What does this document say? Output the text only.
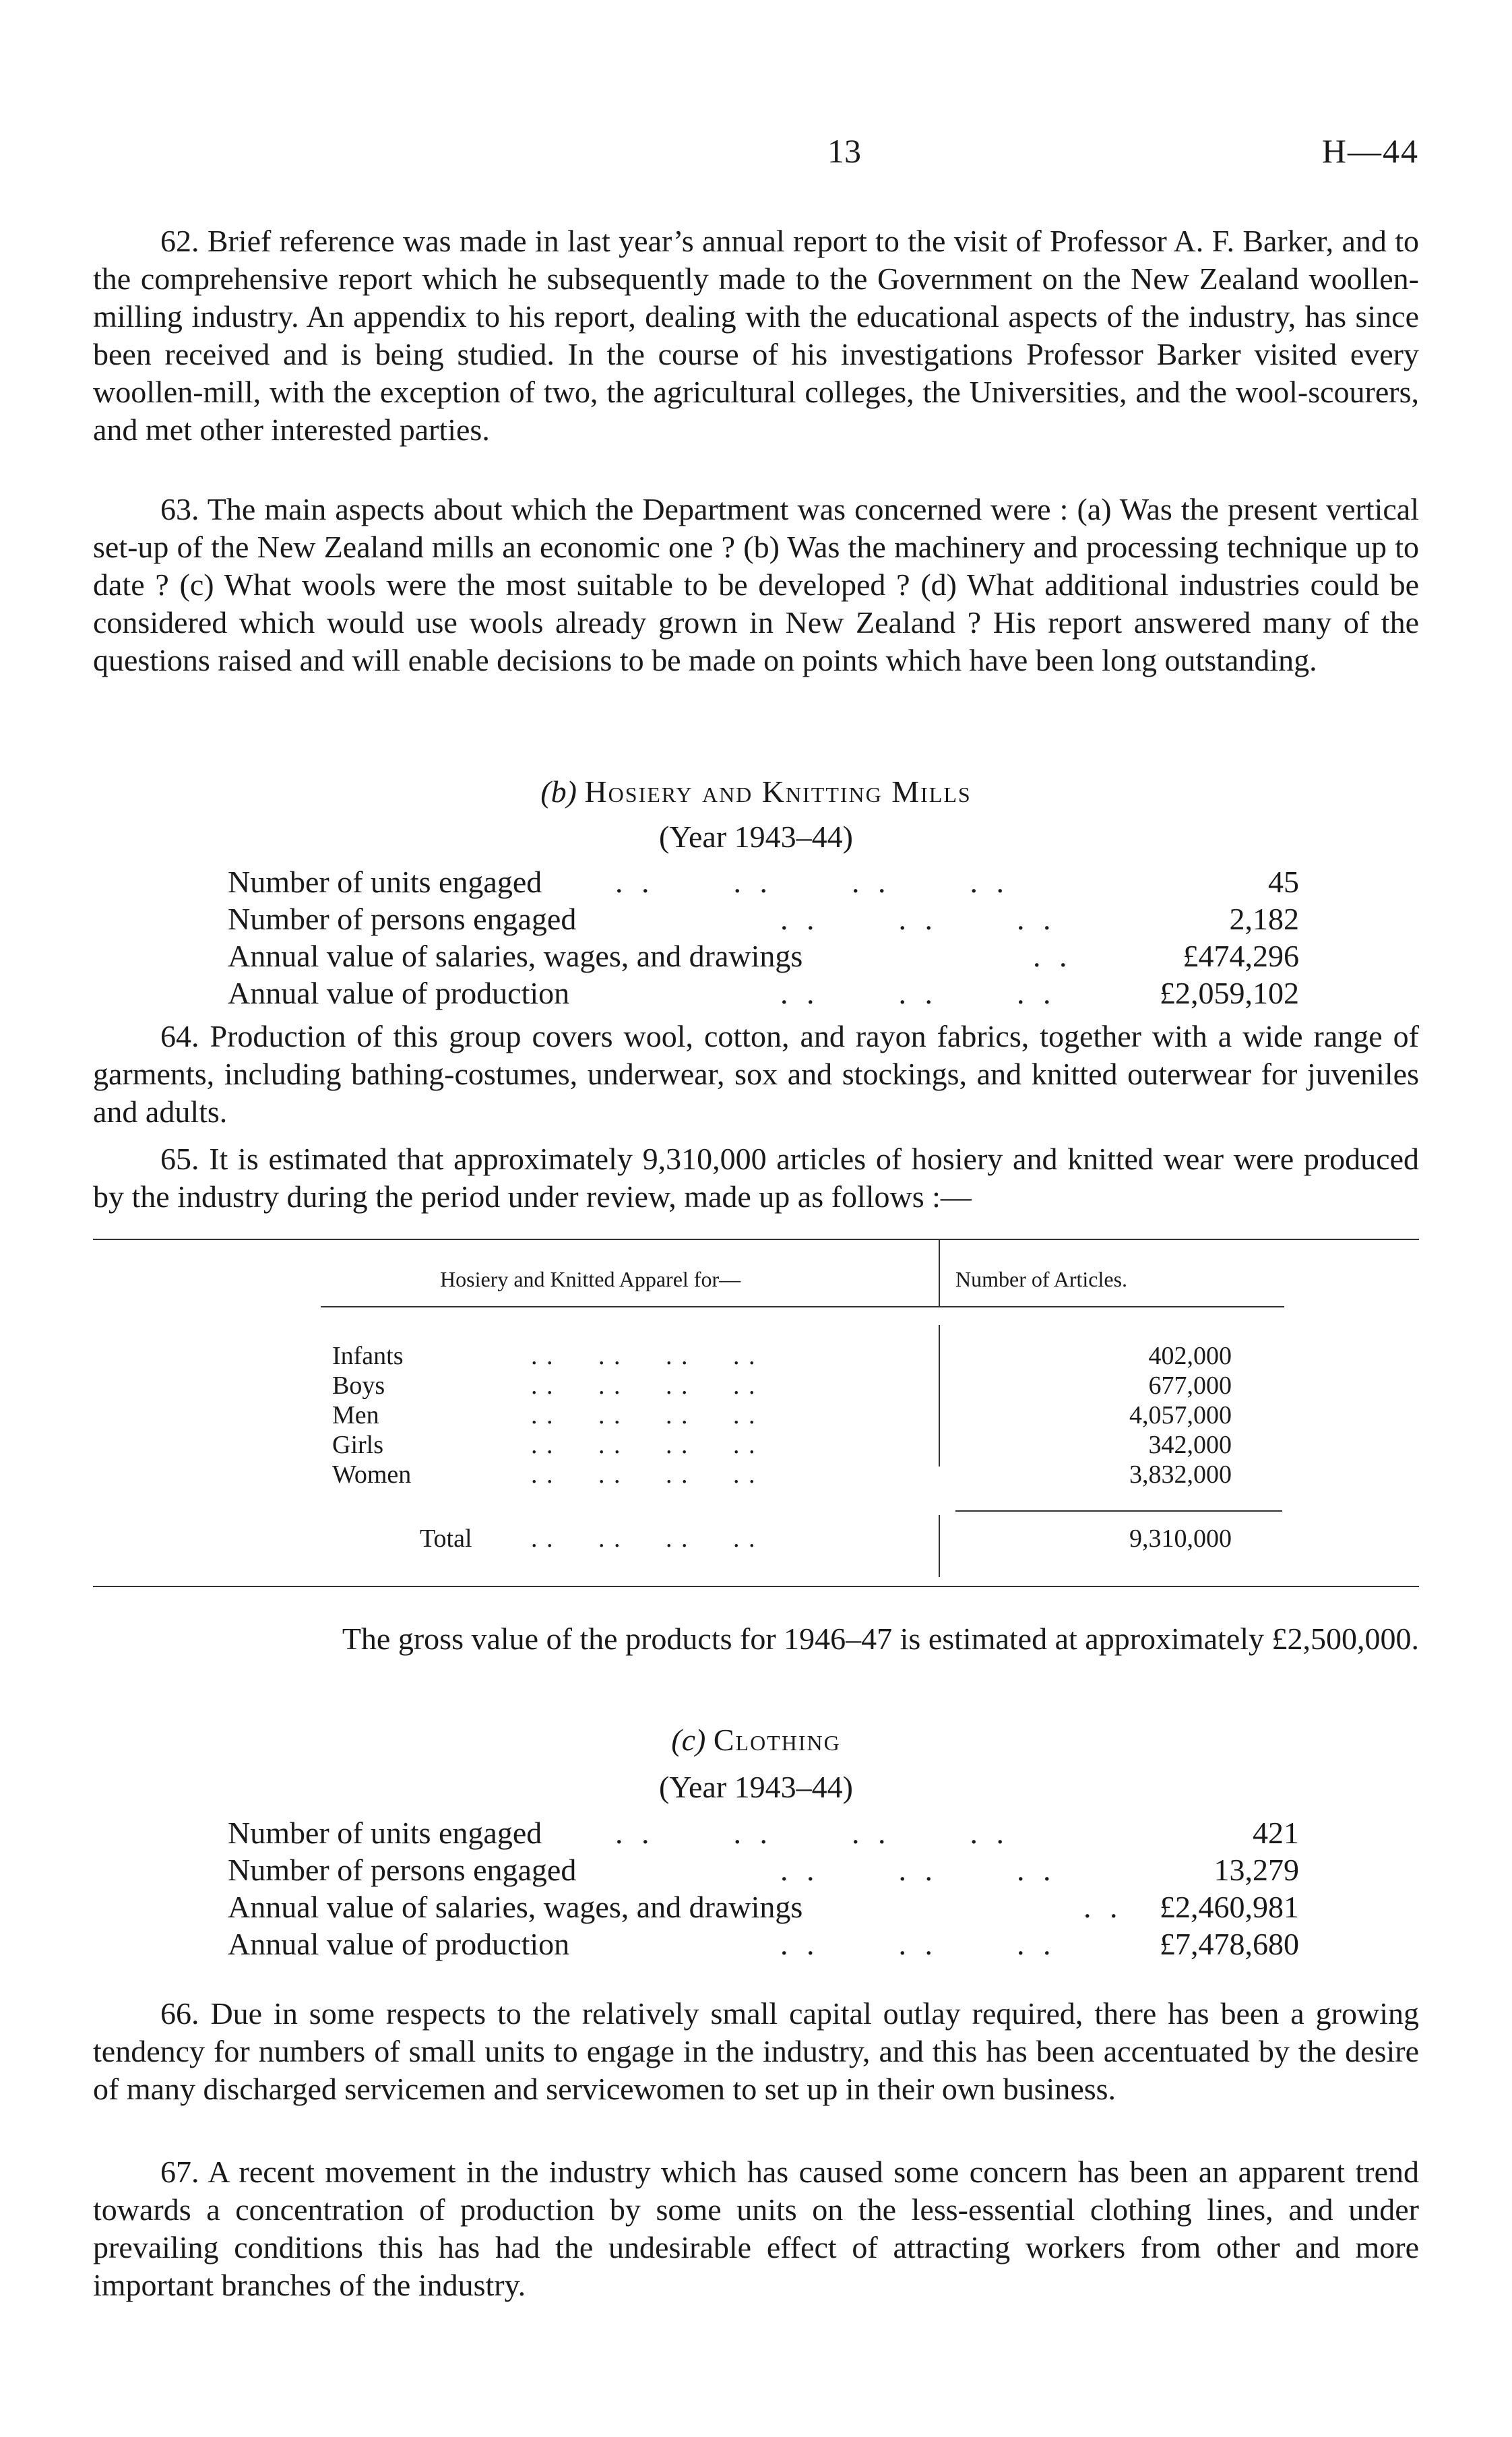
13	H—44

62. Brief reference was made in last year’s annual report to the visit of Professor A. F. Barker, and to the comprehensive report which he subsequently made to the Government on the New Zealand woollen-milling industry. An appendix to his report, dealing with the educational aspects of the industry, has since been received and is being studied. In the course of his investigations Professor Barker visited every woollen-mill, with the exception of two, the agricultural colleges, the Universities, and the wool-scourers, and met other interested parties.

63. The main aspects about which the Department was concerned were : (a) Was the present vertical set-up of the New Zealand mills an economic one ? (b) Was the machinery and processing technique up to date ? (c) What wools were the most suitable to be developed ? (d) What additional industries could be considered which would use wools already grown in New Zealand ? His report answered many of the questions raised and will enable decisions to be made on points which have been long outstanding.

(b) Hosiery and Knitting Mills
(Year 1943–44)
Number of units engaged . .      . .      . .      . .	45
Number of persons engaged	. .      . .      . .	2,182
Annual value of salaries, wages, and drawings	. .	£474,296
Annual value of production	. .      . .      . .	£2,059,102

64. Production of this group covers wool, cotton, and rayon fabrics, together with a wide range of garments, including bathing-costumes, underwear, sox and stockings, and knitted outerwear for juveniles and adults.

65. It is estimated that approximately 9,310,000 articles of hosiery and knitted wear were produced by the industry during the period under review, made up as follows :—

Hosiery and Knitted Apparel for—	Number of Articles.
Infants	. . . . . . . .	402,000
Boys	. . . . . . . .	677,000
Men	. . . . . . . .	4,057,000
Girls	. . . . . . . .	342,000
Women	. . . . . . . .	3,832,000
Total . . . . . . . .	9,310,000
The gross value of the products for 1946–47 is estimated at approximately £2,500,000.
(c) Clothing
(Year 1943–44)
Number of units engaged . .      . .      . .      . .	421
Number of persons engaged	. .      . .      . .	13,279
Annual value of salaries, wages, and drawings	. . £2,460,981
Annual value of production	. .      . .      . .	£7,478,680

66. Due in some respects to the relatively small capital outlay required, there has been a growing tendency for numbers of small units to engage in the industry, and this has been accentuated by the desire of many discharged servicemen and servicewomen to set up in their own business.

67. A recent movement in the industry which has caused some concern has been an apparent trend towards a concentration of production by some units on the less-essential clothing lines, and under prevailing conditions this has had the undesirable effect of attracting workers from other and more important branches of the industry.
